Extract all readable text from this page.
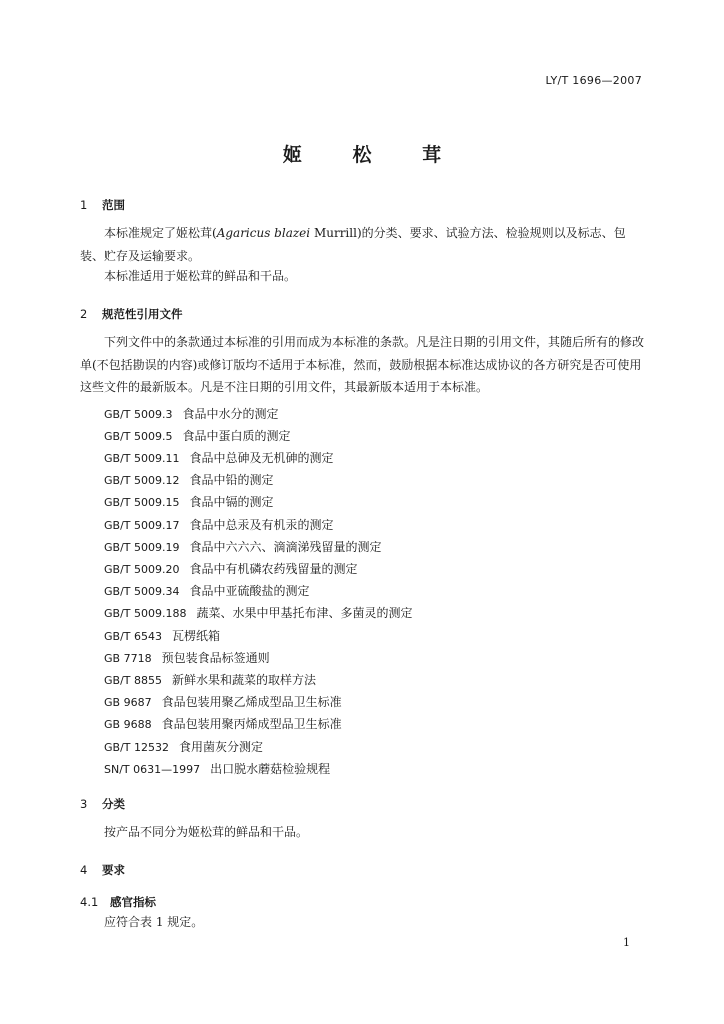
LY/T 1696—2007
姬 松 茸
1 范围
本标准规定了姬松茸(Agaricus blazei Murrill)的分类、要求、试验方法、检验规则以及标志、包装、贮存及运输要求。
本标准适用于姬松茸的鲜品和干品。
2 规范性引用文件
下列文件中的条款通过本标准的引用而成为本标准的条款。凡是注日期的引用文件，其随后所有的修改单(不包括勘误的内容)或修订版均不适用于本标准，然而，鼓励根据本标准达成协议的各方研究是否可使用这些文件的最新版本。凡是不注日期的引用文件，其最新版本适用于本标准。
GB/T 5009.3 食品中水分的测定
GB/T 5009.5 食品中蛋白质的测定
GB/T 5009.11 食品中总砷及无机砷的测定
GB/T 5009.12 食品中铅的测定
GB/T 5009.15 食品中镉的测定
GB/T 5009.17 食品中总汞及有机汞的测定
GB/T 5009.19 食品中六六六、滴滴涕残留量的测定
GB/T 5009.20 食品中有机磷农药残留量的测定
GB/T 5009.34 食品中亚硫酸盐的测定
GB/T 5009.188 蔬菜、水果中甲基托布津、多菌灵的测定
GB/T 6543 瓦楞纸箱
GB 7718 预包装食品标签通则
GB/T 8855 新鲜水果和蔬菜的取样方法
GB 9687 食品包装用聚乙烯成型品卫生标准
GB 9688 食品包装用聚丙烯成型品卫生标准
GB/T 12532 食用菌灰分测定
SN/T 0631—1997 出口脱水蘑菇检验规程
3 分类
按产品不同分为姬松茸的鲜品和干品。
4 要求
4.1 感官指标
应符合表 1 规定。
1
